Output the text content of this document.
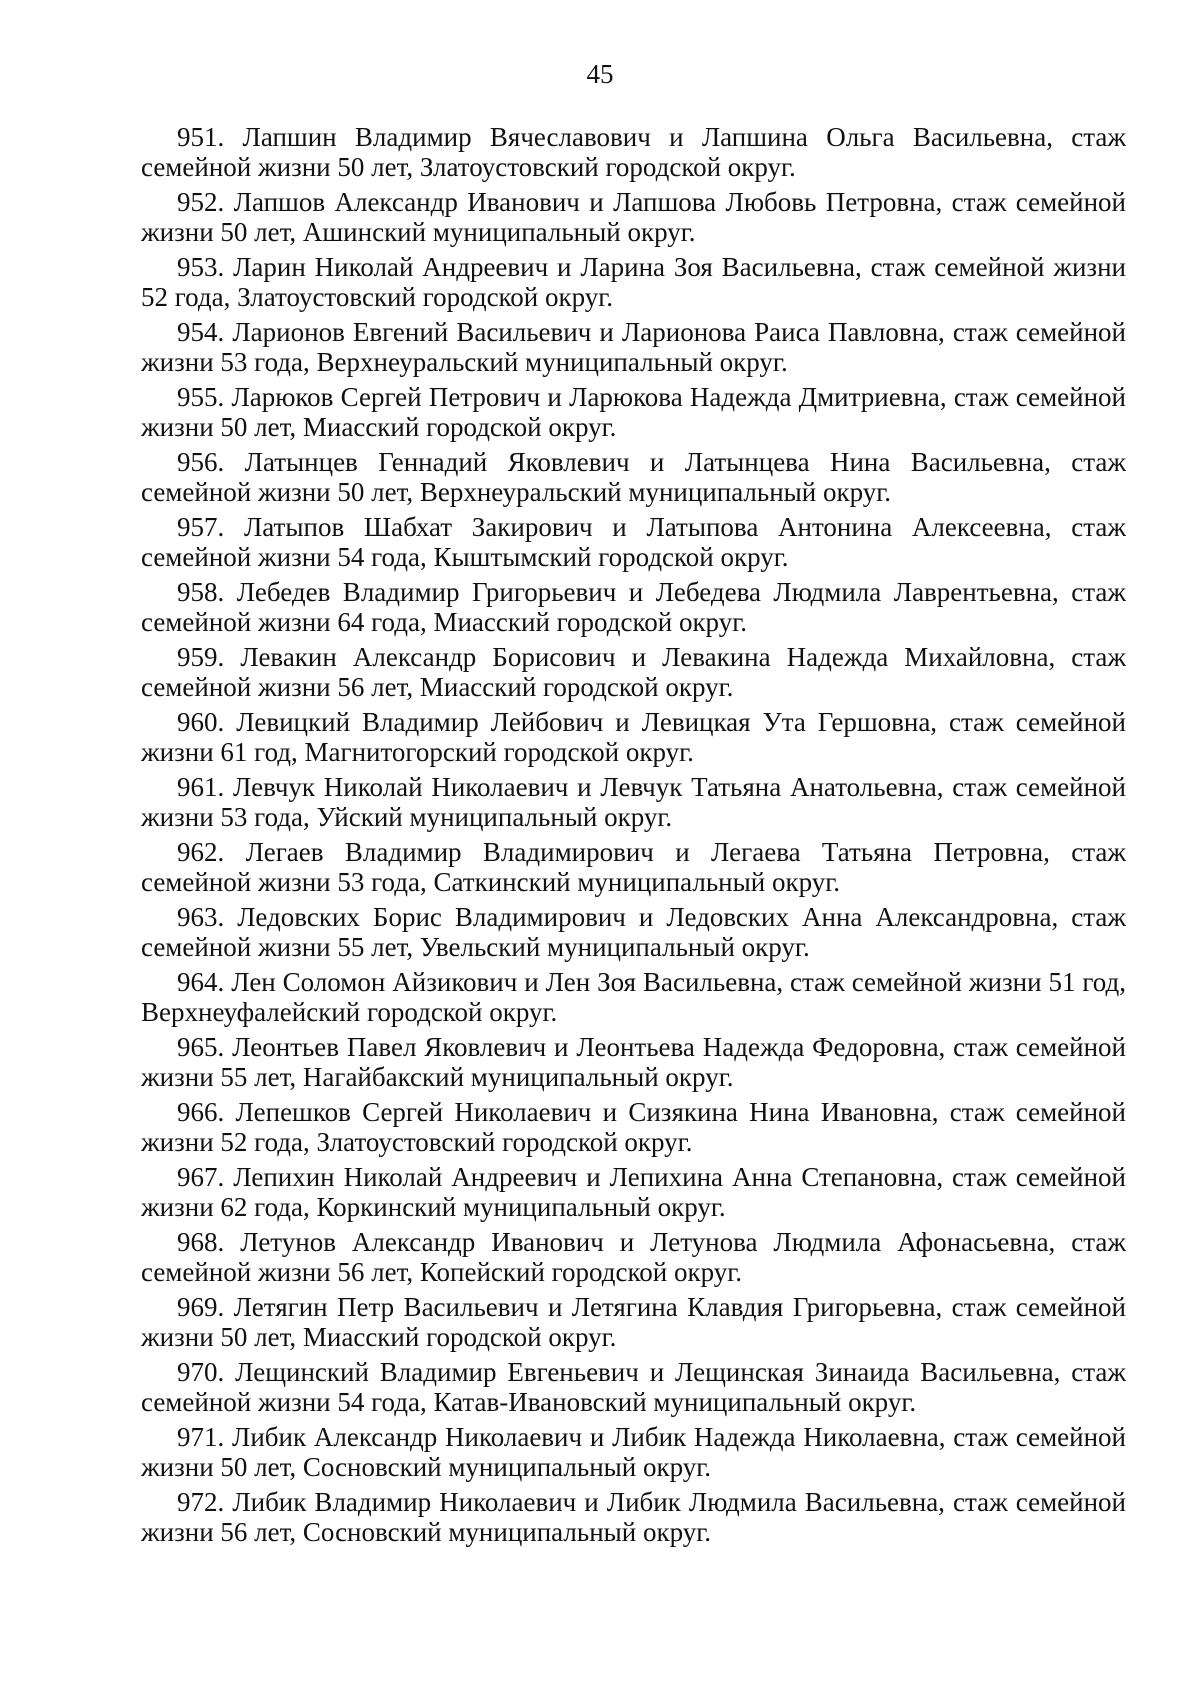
45

951. Лапшин Владимир Вячеславович и Лапшина Ольга Васильевна, стаж семейной жизни 50 лет, Златоустовский городской округ.

952. Лапшов Александр Иванович и Лапшова Любовь Петровна, стаж семейной жизни 50 лет, Ашинский муниципальный округ.

953. Ларин Николай Андреевич и Ларина Зоя Васильевна, стаж семейной жизни 52 года, Златоустовский городской округ.

954. Ларионов Евгений Васильевич и Ларионова Раиса Павловна, стаж семейной жизни 53 года, Верхнеуральский муниципальный округ.

955. Ларюков Сергей Петрович и Ларюкова Надежда Дмитриевна, стаж семейной жизни 50 лет, Миасский городской округ.

956. Латынцев Геннадий Яковлевич и Латынцева Нина Васильевна, стаж семейной жизни 50 лет, Верхнеуральский муниципальный округ.

957. Латыпов Шабхат Закирович и Латыпова Антонина Алексеевна, стаж семейной жизни 54 года, Кыштымский городской округ.

958. Лебедев Владимир Григорьевич и Лебедева Людмила Лаврентьевна, стаж семейной жизни 64 года, Миасский городской округ.

959. Левакин Александр Борисович и Левакина Надежда Михайловна, стаж семейной жизни 56 лет, Миасский городской округ.

960. Левицкий Владимир Лейбович и Левицкая Ута Гершовна, стаж семейной жизни 61 год, Магнитогорский городской округ.

961. Левчук Николай Николаевич и Левчук Татьяна Анатольевна, стаж семейной жизни 53 года, Уйский муниципальный округ.

962. Легаев Владимир Владимирович и Легаева Татьяна Петровна, стаж семейной жизни 53 года, Саткинский муниципальный округ.

963. Ледовских Борис Владимирович и Ледовских Анна Александровна, стаж семейной жизни 55 лет, Увельский муниципальный округ.

964. Лен Соломон Айзикович и Лен Зоя Васильевна, стаж семейной жизни 51 год, Верхнеуфалейский городской округ.

965. Леонтьев Павел Яковлевич и Леонтьева Надежда Федоровна, стаж семейной жизни 55 лет, Нагайбакский муниципальный округ.

966. Лепешков Сергей Николаевич и Сизякина Нина Ивановна, стаж семейной жизни 52 года, Златоустовский городской округ.

967. Лепихин Николай Андреевич и Лепихина Анна Степановна, стаж семейной жизни 62 года, Коркинский муниципальный округ.

968. Летунов Александр Иванович и Летунова Людмила Афонасьевна, стаж семейной жизни 56 лет, Копейский городской округ.

969. Летягин Петр Васильевич и Летягина Клавдия Григорьевна, стаж семейной жизни 50 лет, Миасский городской округ.

970. Лещинский Владимир Евгеньевич и Лещинская Зинаида Васильевна, стаж семейной жизни 54 года, Катав-Ивановский муниципальный округ.

971. Либик Александр Николаевич и Либик Надежда Николаевна, стаж семейной жизни 50 лет, Сосновский муниципальный округ.

972. Либик Владимир Николаевич и Либик Людмила Васильевна, стаж семейной жизни 56 лет, Сосновский муниципальный округ.
